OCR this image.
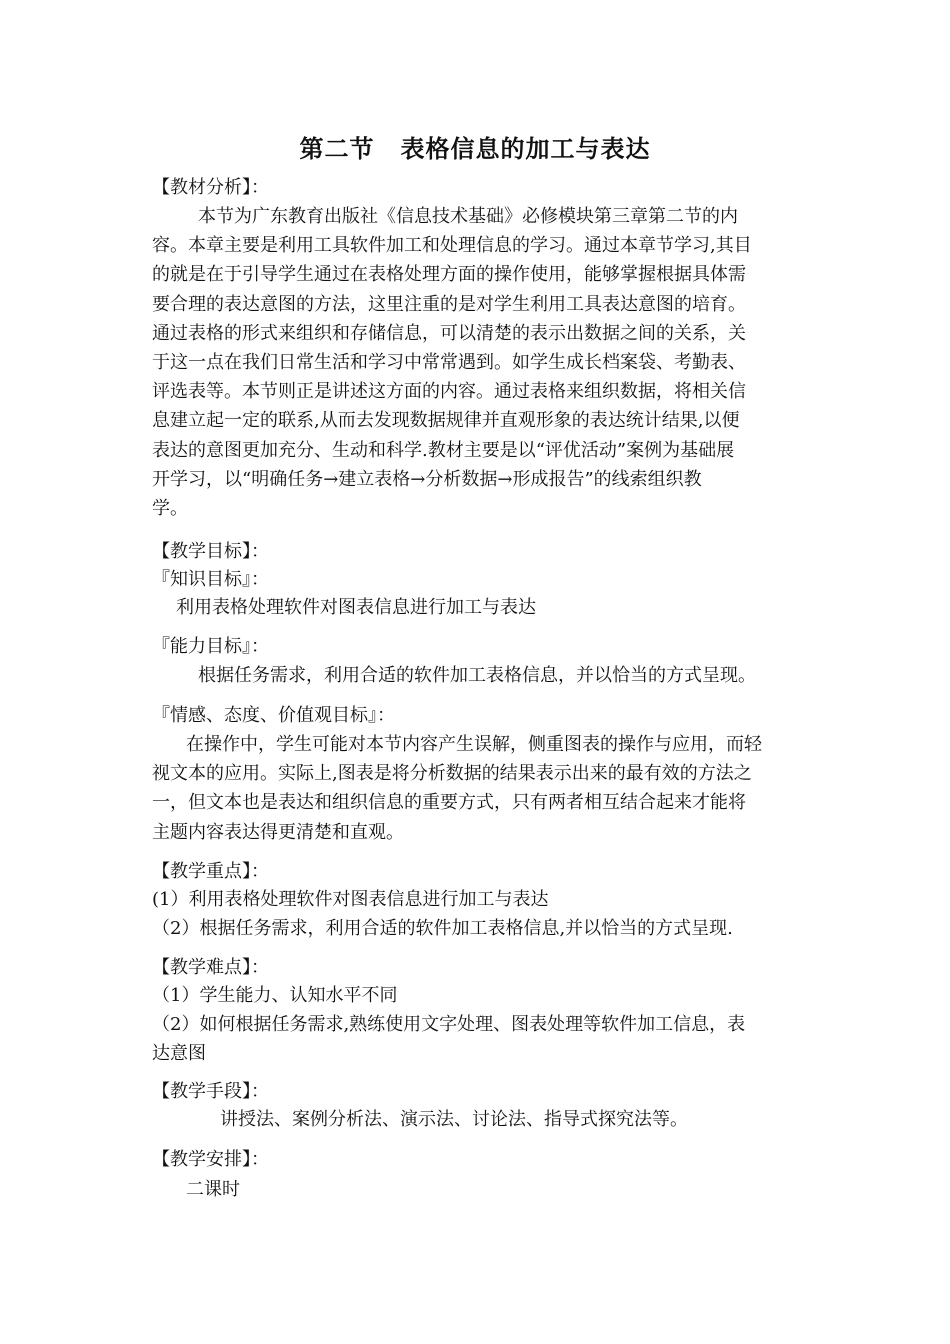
第二节 表格信息的加工与表达
【教材分析】：
本节为广东教育出版社《信息技术基础》必修模块第三章第二节的内
容。本章主要是利用工具软件加工和处理信息的学习。通过本章节学习,其目
的就是在于引导学生通过在表格处理方面的操作使用，能够掌握根据具体需
要合理的表达意图的方法，这里注重的是对学生利用工具表达意图的培育。
通过表格的形式来组织和存储信息，可以清楚的表示出数据之间的关系，关
于这一点在我们日常生活和学习中常常遇到。如学生成长档案袋、考勤表、
评选表等。本节则正是讲述这方面的内容。通过表格来组织数据，将相关信
息建立起一定的联系,从而去发现数据规律并直观形象的表达统计结果,以便
表达的意图更加充分、生动和科学.教材主要是以“评优活动”案例为基础展
开学习，以“明确任务→建立表格→分析数据→形成报告”的线索组织教
学。
【教学目标】：
『知识目标』：
利用表格处理软件对图表信息进行加工与表达
『能力目标』：
根据任务需求，利用合适的软件加工表格信息，并以恰当的方式呈现。
『情感、态度、价值观目标』：
在操作中，学生可能对本节内容产生误解，侧重图表的操作与应用，而轻
视文本的应用。实际上,图表是将分析数据的结果表示出来的最有效的方法之
一，但文本也是表达和组织信息的重要方式，只有两者相互结合起来才能将
主题内容表达得更清楚和直观。
【教学重点】：
(1）利用表格处理软件对图表信息进行加工与表达
（2）根据任务需求，利用合适的软件加工表格信息,并以恰当的方式呈现.
【教学难点】：
（1）学生能力、认知水平不同
（2）如何根据任务需求,熟练使用文字处理、图表处理等软件加工信息，表
达意图
【教学手段】：
讲授法、案例分析法、演示法、讨论法、指导式探究法等。
【教学安排】：
二课时
